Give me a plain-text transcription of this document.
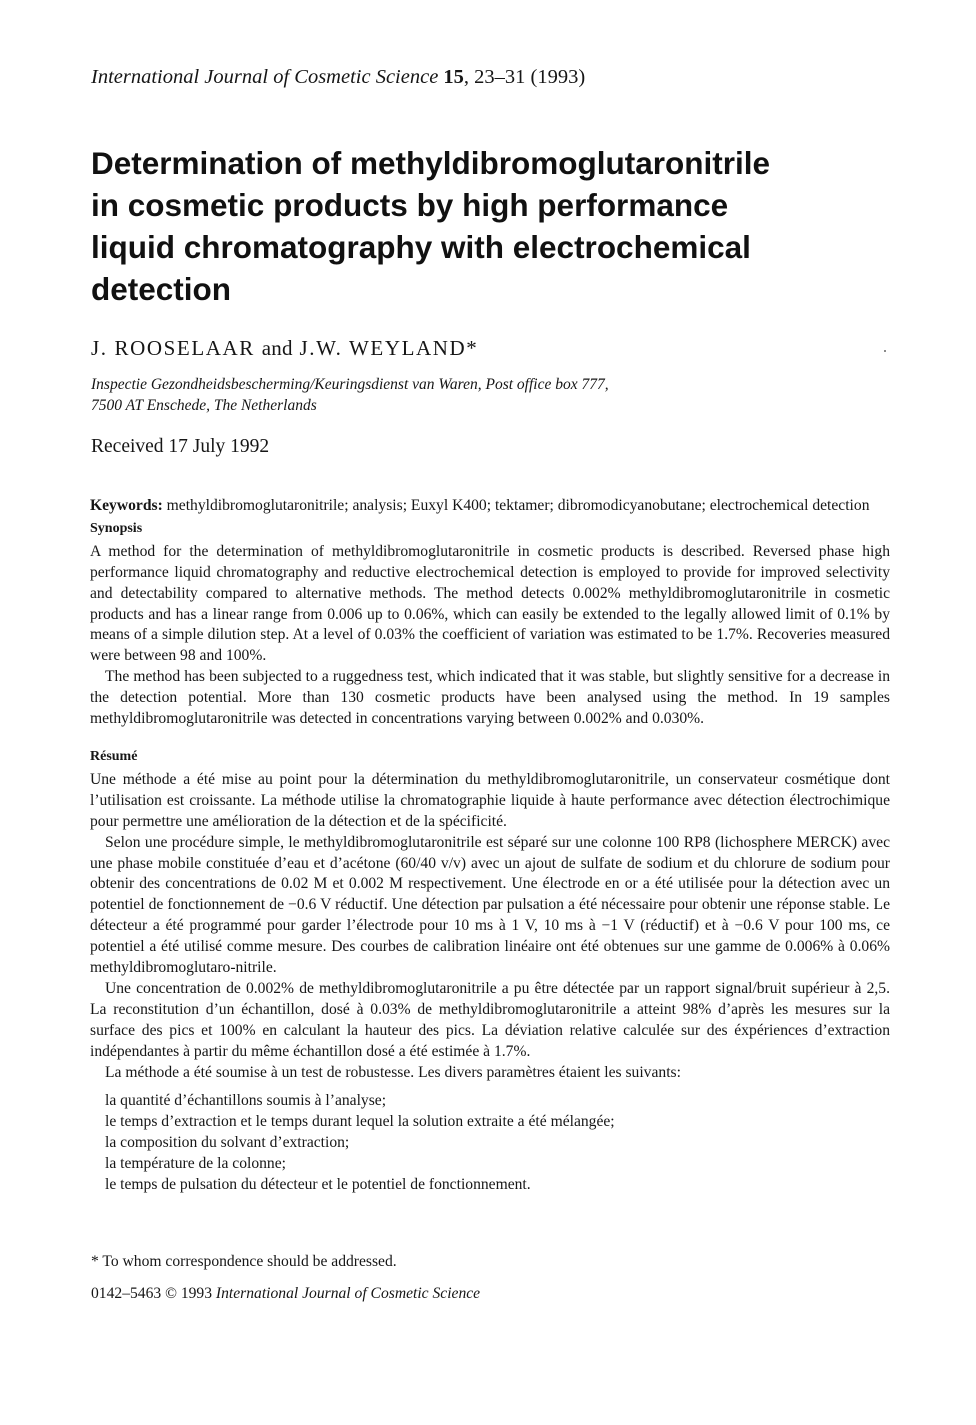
International Journal of Cosmetic Science 15, 23–31 (1993)
Determination of methyldibromoglutaronitrile
in cosmetic products by high performance
liquid chromatography with electrochemical
detection
J. ROOSELAAR and J.W. WEYLAND*
Inspectie Gezondheidsbescherming/Keuringsdienst van Waren, Post office box 777,
7500 AT Enschede, The Netherlands
Received 17 July 1992

Keywords: methyldibromoglutaronitrile; analysis; Euxyl K400; tektamer; dibromodicyanobutane; electrochemical detection

Synopsis

A method for the determination of methyldibromoglutaronitrile in cosmetic products is described. Reversed phase high performance liquid chromatography and reductive electrochemical detection is employed to provide for improved selectivity and detectability compared to alternative methods. The method detects 0.002% methyldibromoglutaronitrile in cosmetic products and has a linear range from 0.006 up to 0.06%, which can easily be extended to the legally allowed limit of 0.1% by means of a simple dilution step. At a level of 0.03% the coefficient of variation was estimated to be 1.7%. Recoveries measured were between 98 and 100%.

The method has been subjected to a ruggedness test, which indicated that it was stable, but slightly sensitive for a decrease in the detection potential. More than 130 cosmetic products have been analysed using the method. In 19 samples methyldibromoglutaronitrile was detected in concentrations varying between 0.002% and 0.030%.

Résumé

Une méthode a été mise au point pour la détermination du methyldibromoglutaronitrile, un conservateur cosmétique dont l’utilisation est croissante. La méthode utilise la chromatographie liquide à haute performance avec détection électrochimique pour permettre une amélioration de la détection et de la spécificité.

Selon une procédure simple, le methyldibromoglutaronitrile est séparé sur une colonne 100 RP8 (lichosphere MERCK) avec une phase mobile constituée d’eau et d’acétone (60/40 v/v) avec un ajout de sulfate de sodium et du chlorure de sodium pour obtenir des concentrations de 0.02 M et 0.002 M respectivement. Une électrode en or a été utilisée pour la détection avec un potentiel de fonctionnement de −0.6 V réductif. Une détection par pulsation a été nécessaire pour obtenir une réponse stable. Le détecteur a été programmé pour garder l’électrode pour 10 ms à 1 V, 10 ms à −1 V (réductif) et à −0.6 V pour 100 ms, ce potentiel a été utilisé comme mesure. Des courbes de calibration linéaire ont été obtenues sur une gamme de 0.006% à 0.06% methyldibromoglutaro-nitrile.

Une concentration de 0.002% de methyldibromoglutaronitrile a pu être détectée par un rapport signal/bruit supérieur à 2,5. La reconstitution d’un échantillon, dosé à 0.03% de methyldibromoglutaronitrile a atteint 98% d’après les mesures sur la surface des pics et 100% en calculant la hauteur des pics. La déviation relative calculée sur des éxpériences d’extraction indépendantes à partir du même échantillon dosé a été estimée à 1.7%.

La méthode a été soumise à un test de robustesse. Les divers paramètres étaient les suivants:

la quantité d’échantillons soumis à l’analyse;
le temps d’extraction et le temps durant lequel la solution extraite a été mélangée;
la composition du solvant d’extraction;
la température de la colonne;
le temps de pulsation du détecteur et le potentiel de fonctionnement.
* To whom correspondence should be addressed.
0142–5463 © 1993 International Journal of Cosmetic Science
